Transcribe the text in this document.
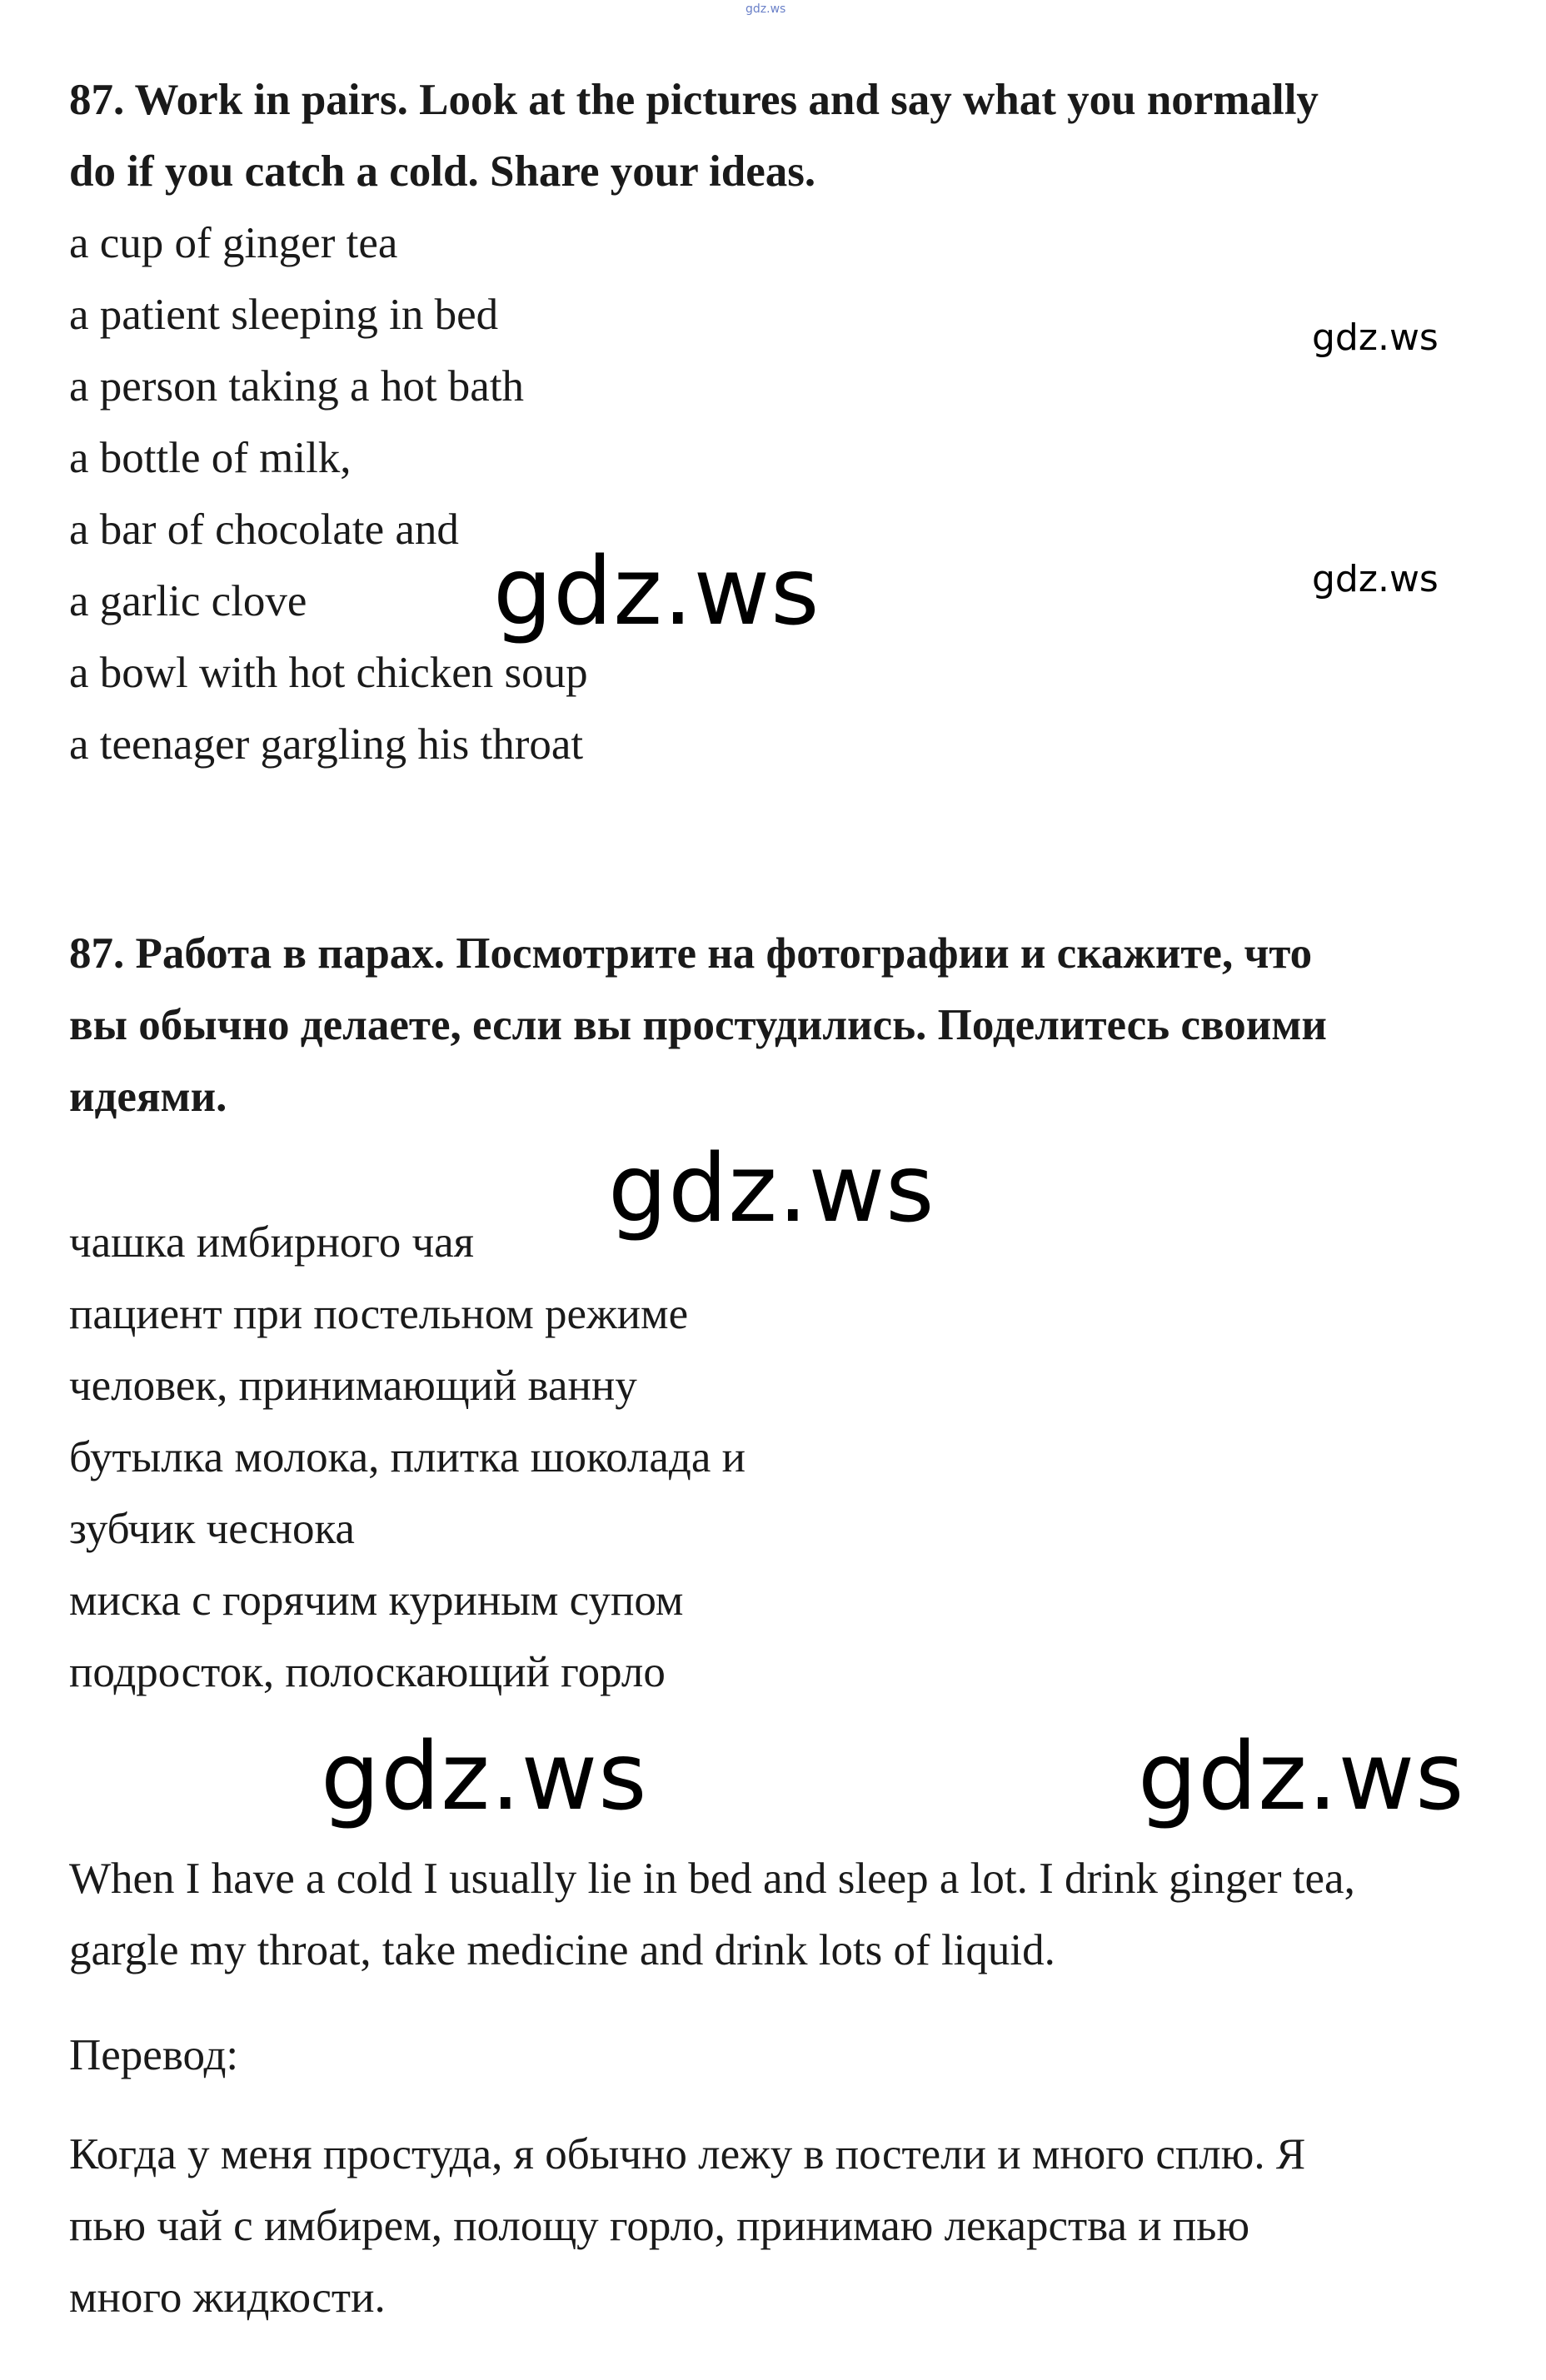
gdz.ws
87. Work in pairs. Look at the pictures and say what you normally
do if you catch a cold. Share your ideas.
a cup of ginger tea
a patient sleeping in bed
a person taking a hot bath
a bottle of milk,
a bar of chocolate and
a garlic clove
a bowl with hot chicken soup
a teenager gargling his throat
gdz.ws
gdz.ws
gdz.ws
87. Работа в парах. Посмотрите на фотографии и скажите, что
вы обычно делаете, если вы простудились. Поделитесь своими
идеями.
gdz.ws
чашка имбирного чая
пациент при постельном режиме
человек, принимающий ванну
бутылка молока, плитка шоколада и
зубчик чеснока
миска с горячим куриным супом
подросток, полоскающий горло
gdz.ws	gdz.ws
When I have a cold I usually lie in bed and sleep a lot. I drink ginger tea,
gargle my throat, take medicine and drink lots of liquid.
Перевод:
Когда у меня простуда, я обычно лежу в постели и много сплю. Я
пью чай с имбирем, полощу горло, принимаю лекарства и пью
много жидкости.
